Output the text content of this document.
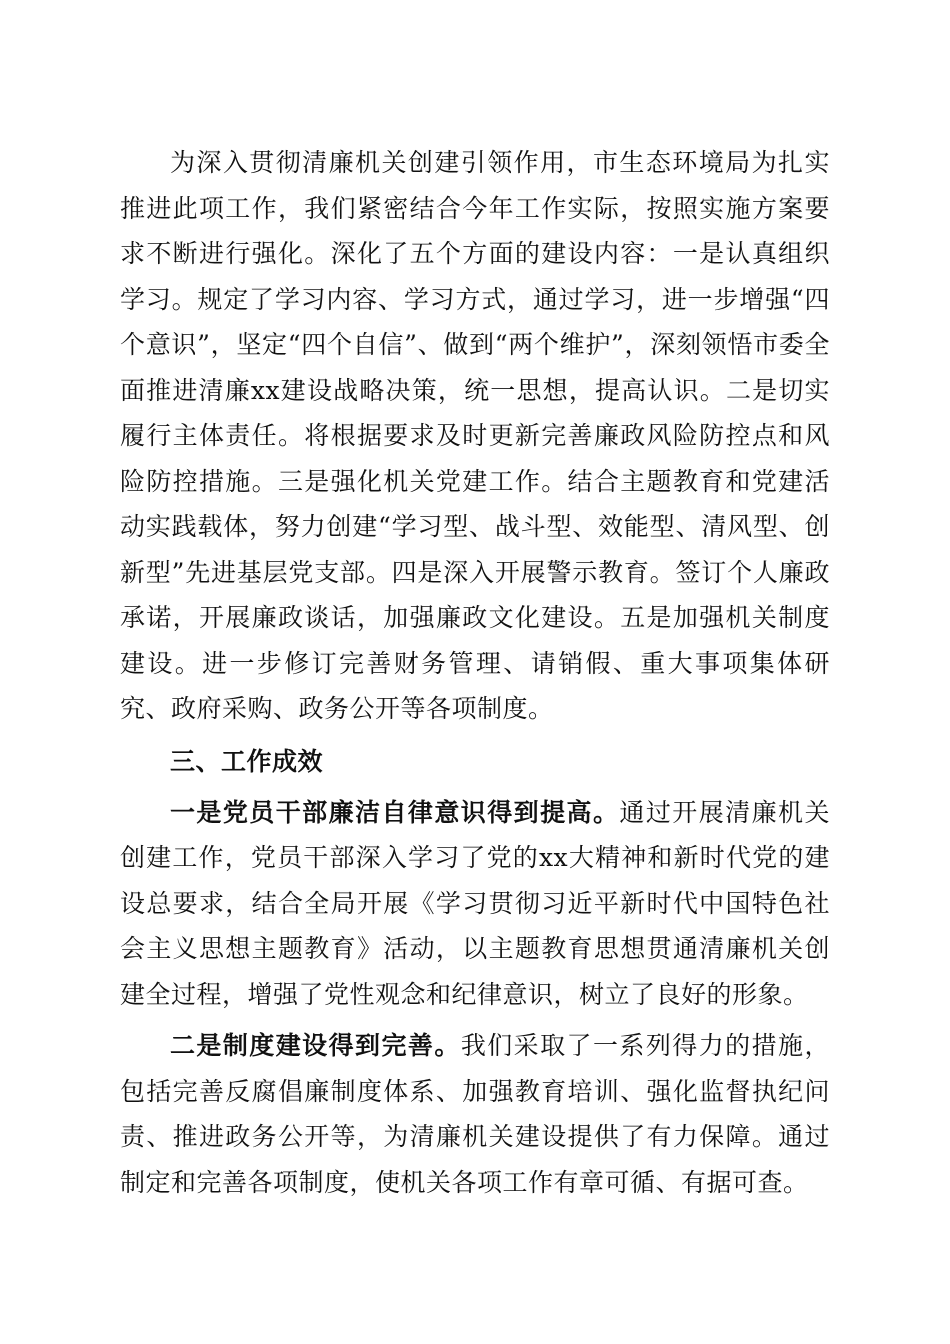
为深入贯彻清廉机关创建引领作用，市生态环境局为扎实推进此项工作，我们紧密结合今年工作实际，按照实施方案要求不断进行强化。深化了五个方面的建设内容：一是认真组织学习。规定了学习内容、学习方式，通过学习，进一步增强“四个意识”，坚定“四个自信”、做到“两个维护”，深刻领悟市委全面推进清廉xx建设战略决策，统一思想，提高认识。二是切实履行主体责任。将根据要求及时更新完善廉政风险防控点和风险防控措施。三是强化机关党建工作。结合主题教育和党建活动实践载体，努力创建“学习型、战斗型、效能型、清风型、创新型”先进基层党支部。四是深入开展警示教育。签订个人廉政承诺，开展廉政谈话，加强廉政文化建设。五是加强机关制度建设。进一步修订完善财务管理、请销假、重大事项集体研究、政府采购、政务公开等各项制度。

三、工作成效

一是党员干部廉洁自律意识得到提高。通过开展清廉机关创建工作，党员干部深入学习了党的xx大精神和新时代党的建设总要求，结合全局开展《学习贯彻习近平新时代中国特色社会主义思想主题教育》活动，以主题教育思想贯通清廉机关创建全过程，增强了党性观念和纪律意识，树立了良好的形象。

二是制度建设得到完善。我们采取了一系列得力的措施，包括完善反腐倡廉制度体系、加强教育培训、强化监督执纪问责、推进政务公开等，为清廉机关建设提供了有力保障。通过制定和完善各项制度，使机关各项工作有章可循、有据可查。
